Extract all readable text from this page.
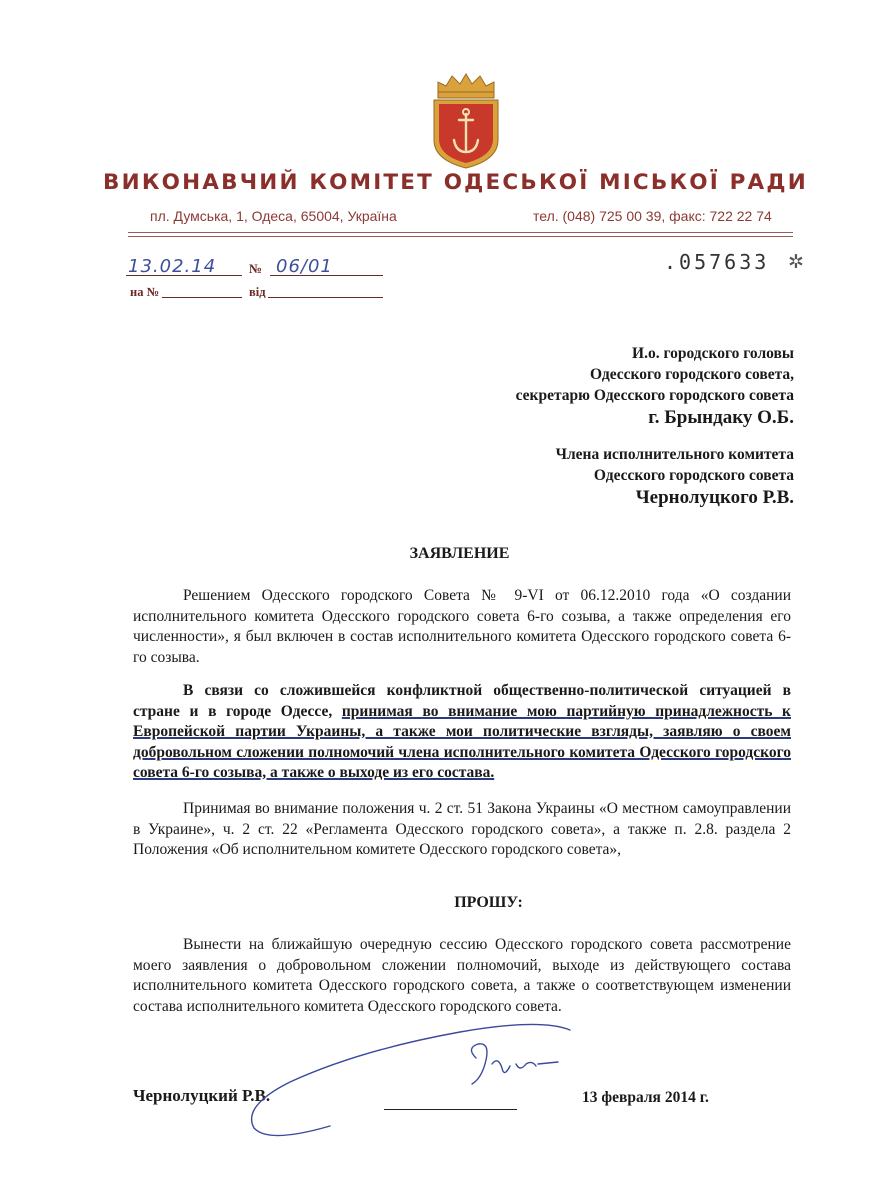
ВИКОНАВЧИЙ КОМІТЕТ ОДЕСЬКОЇ МІСЬКОЇ РАДИ
пл. Думська, 1, Одеса, 65004, Україна	тел. (048) 725 00 39, факс: 722 22 74
13.02.14	№ 06/01
на №	від
.057633 ✲
И.о. городского головы
Одесского городского совета,
секретарю Одесского городского совета
г. Брындаку О.Б.
Члена исполнительного комитета
Одесского городского совета
Чернолуцкого Р.В.
ЗАЯВЛЕНИЕ
Решением Одесского городского Совета № 9-VI от 06.12.2010 года «О создании исполнительного комитета Одесского городского совета 6-го созыва, а также определения его численности», я был включен в состав исполнительного комитета Одесского городского совета 6-го созыва.
В связи со сложившейся конфликтной общественно-политической ситуацией в стране и в городе Одессе, принимая во внимание мою партийную принадлежность к Европейской партии Украины, а также мои политические взгляды, заявляю о своем добровольном сложении полномочий члена исполнительного комитета Одесского городского совета 6-го созыва, а также о выходе из его состава.
Принимая во внимание положения ч. 2 ст. 51 Закона Украины «О местном самоуправлении в Украине», ч. 2 ст. 22 «Регламента Одесского городского совета», а также п. 2.8. раздела 2 Положения «Об исполнительном комитете Одесского городского совета»,
ПРОШУ:
Вынести на ближайшую очередную сессию Одесского городского совета рассмотрение моего заявления о добровольном сложении полномочий, выходе из действующего состава исполнительного комитета Одесского городского совета, а также о соответствующем изменении состава исполнительного комитета Одесского городского совета.
Чернолуцкий Р.В.	13 февраля 2014 г.
